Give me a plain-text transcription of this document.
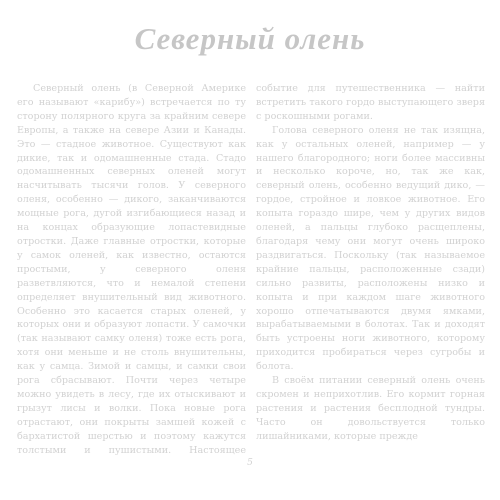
Северный олень

Северный олень (в Северной Америке его называют «карибу») встречается по ту сторону полярного круга за крайним севере Европы, а также на севере Азии и Канады. Это — стадное животное. Существуют как дикие, так и одомашненные стада. Стадо одомашненных северных оленей могут насчитывать тысячи голов. У северного оленя, особенно — дикого, заканчиваются мощные рога, дугой изгибающиеся назад и на концах образующие лопастевидные отростки. Даже главные отростки, которые у самок оленей, как известно, остаются простыми, у северного оленя разветвляются, что и немалой степени определяет внушительный вид животного. Особенно это касается старых оленей, у которых они и образуют лопасти. У самочки (так называют самку оленя) тоже есть рога, хотя они меньше и не столь внушительны, как у самца. Зимой и самцы, и самки свои рога сбрасывают. Почти через четыре можно увидеть в лесу, где их отыскивают и грызут лисы и волки. Пока новые рога отрастают, они покрыты замшей кожей с бархатистой шерстью и поэтому кажутся толстыми и пушистыми. Настоящее событие для путешественника — найти встретить такого гордо выступающего зверя с роскошными рогами.

Голова северного оленя не так изящна, как у остальных оленей, например — у нашего благородного; ноги более массивны и несколько короче, но, так же как, северный олень, особенно ведущий дико, — гордое, стройное и ловкое животное. Его копыта гораздо шире, чем у других видов оленей, а пальцы глубоко расщеплены, благодаря чему они могут очень широко раздвигаться. Поскольку (так называемое крайние пальцы, расположенные сзади) сильно развиты, расположены низко и копыта и при каждом шаге животного хорошо отпечатываются двумя ямками, вырабатываемыми в болотах. Так и доходят быть устроены ноги животного, которому приходится пробираться через сугробы и болота.

В своём питании северный олень очень скромен и неприхотлив. Его кормит горная растения и растения бесплодной тундры. Часто он довольствуется только лишайниками, которые прежде

5
